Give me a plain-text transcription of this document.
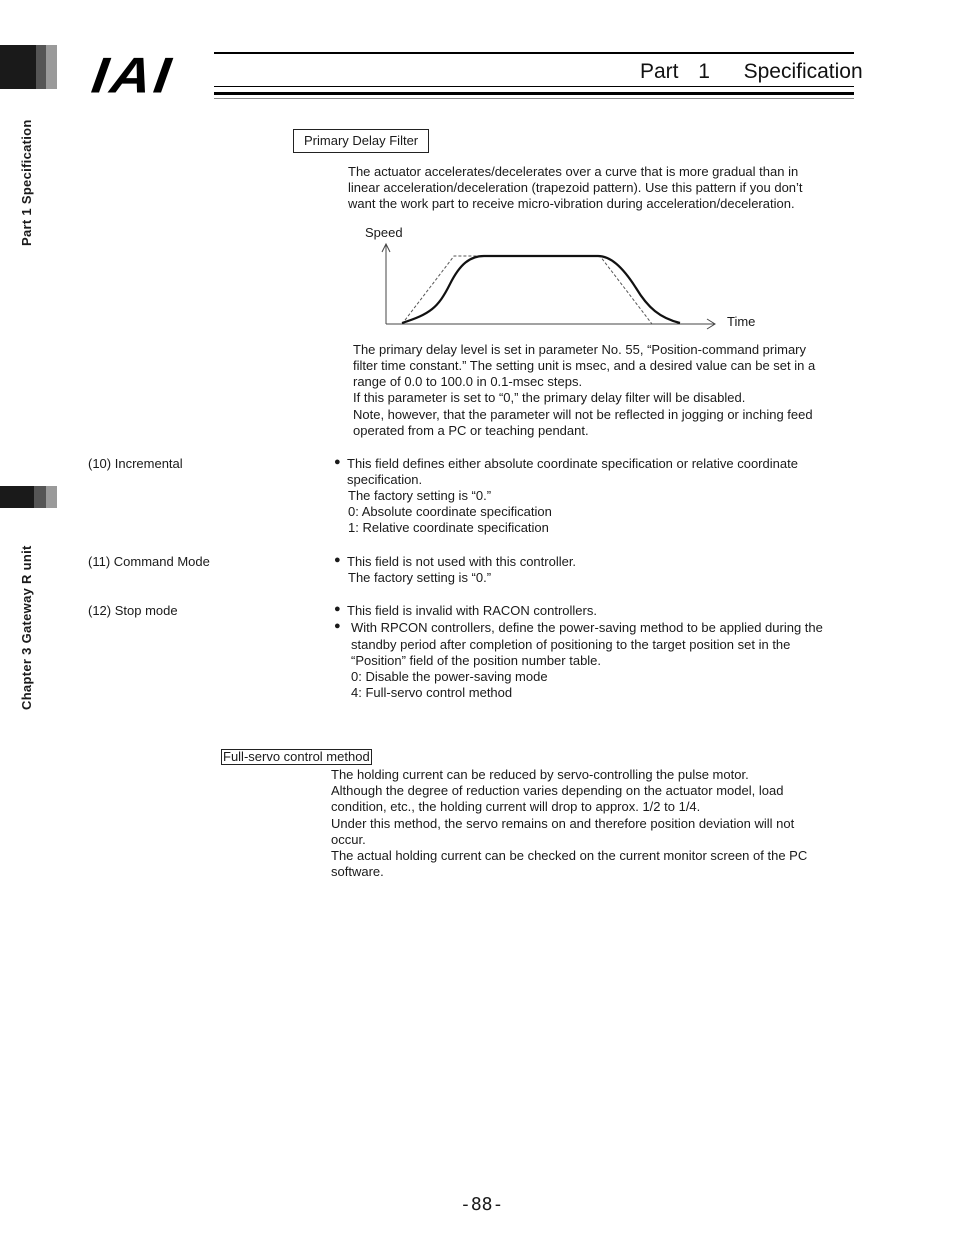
Part 1 Specification
Chapter 3 Gateway R unit
IAI	Part 1 Specification
Primary Delay Filter
The actuator accelerates/decelerates over a curve that is more gradual than in
linear acceleration/deceleration (trapezoid pattern). Use this pattern if you don’t
want the work part to receive micro-vibration during acceleration/deceleration.
Speed
Time
The primary delay level is set in parameter No. 55, “Position-command primary
filter time constant.” The setting unit is msec, and a desired value can be set in a
range of 0.0 to 100.0 in 0.1-msec steps.
If this parameter is set to “0,” the primary delay filter will be disabled.
Note, however, that the parameter will not be reflected in jogging or inching feed
operated from a PC or teaching pendant.
(10) Incremental	● This field defines either absolute coordinate specification or relative coordinate
specification.
The factory setting is “0.”
0: Absolute coordinate specification
1: Relative coordinate specification
(11) Command Mode	● This field is not used with this controller.
The factory setting is “0.”
(12) Stop mode	● This field is invalid with RACON controllers.
● With RPCON controllers, define the power-saving method to be applied during the
standby period after completion of positioning to the target position set in the
“Position” field of the position number table.
0: Disable the power-saving mode
4: Full-servo control method
Full-servo control method
The holding current can be reduced by servo-controlling the pulse motor.
Although the degree of reduction varies depending on the actuator model, load
condition, etc., the holding current will drop to approx. 1/2 to 1/4.
Under this method, the servo remains on and therefore position deviation will not
occur.
The actual holding current can be checked on the current monitor screen of the PC
software.
-88-
